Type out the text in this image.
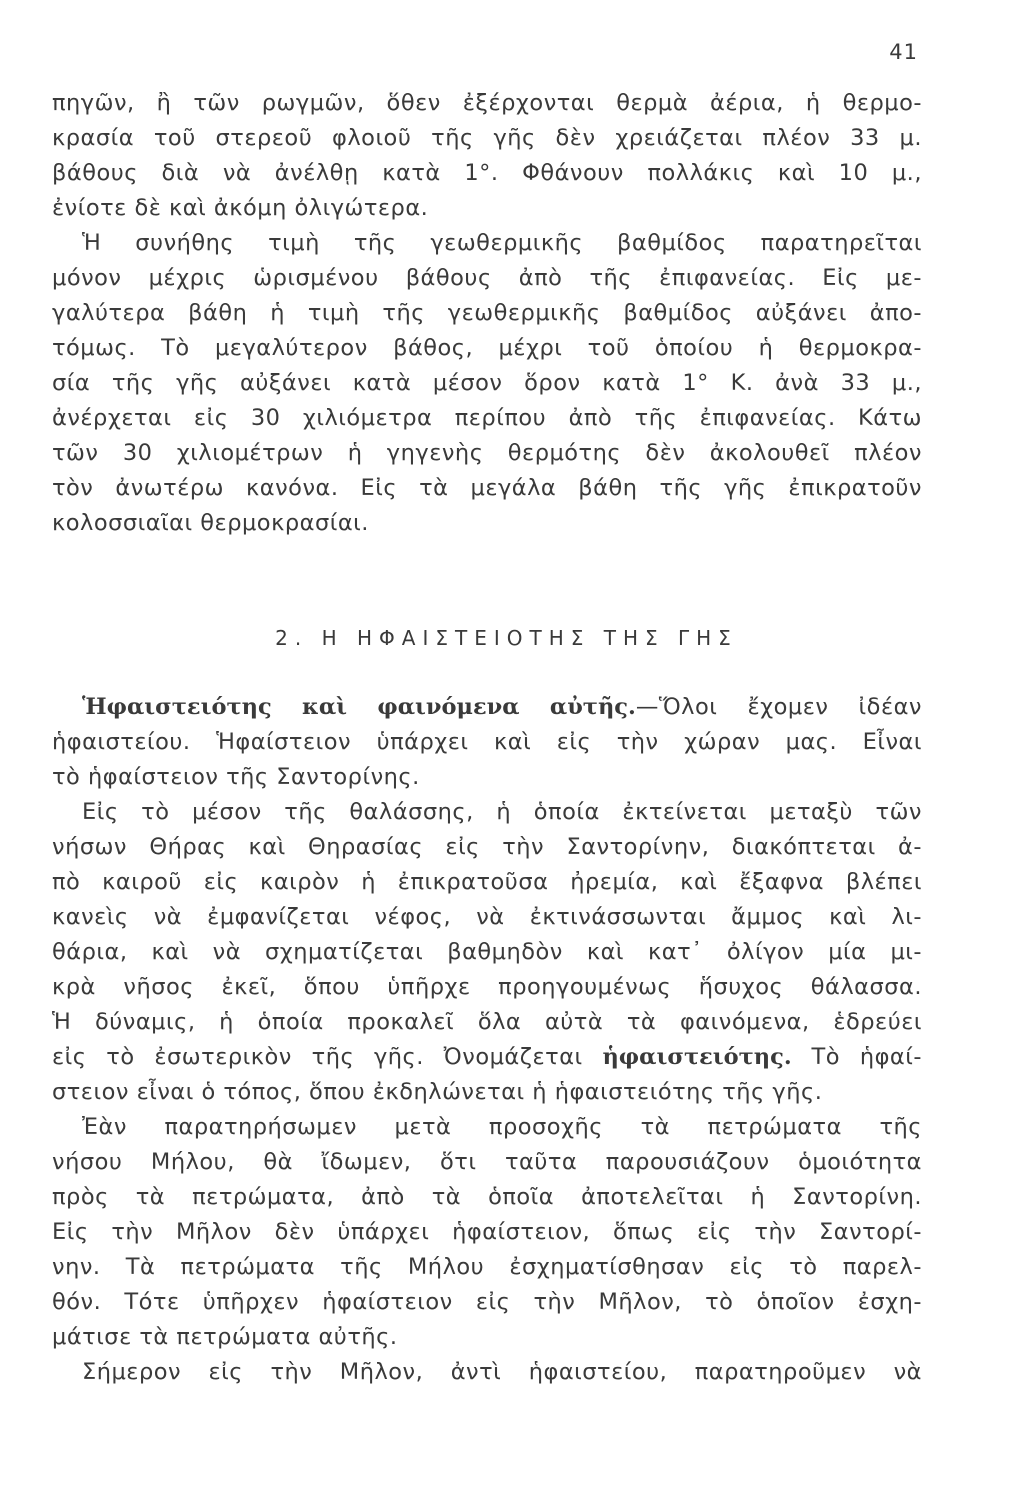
41
πηγῶν, ἢ τῶν ρωγμῶν, ὅθεν ἐξέρχονται θερμὰ ἀέρια, ἡ θερμο-
κρασία τοῦ στερεοῦ φλοιοῦ τῆς γῆς δὲν χρειάζεται πλέον 33 μ.
βάθους διὰ νὰ ἀνέλθῃ κατὰ 1°. Φθάνουν πολλάκις καὶ 10 μ.,
ἐνίοτε δὲ καὶ ἀκόμη ὀλιγώτερα.
Ἡ συνήθης τιμὴ τῆς γεωθερμικῆς βαθμίδος παρατηρεῖται
μόνον μέχρις ὡρισμένου βάθους ἀπὸ τῆς ἐπιφανείας. Εἰς με-
γαλύτερα βάθη ἡ τιμὴ τῆς γεωθερμικῆς βαθμίδος αὐξάνει ἀπο-
τόμως. Τὸ μεγαλύτερον βάθος, μέχρι τοῦ ὁποίου ἡ θερμοκρα-
σία τῆς γῆς αὐξάνει κατὰ μέσον ὅρον κατὰ 1° Κ. ἀνὰ 33 μ.,
ἀνέρχεται εἰς 30 χιλιόμετρα περίπου ἀπὸ τῆς ἐπιφανείας. Κάτω
τῶν 30 χιλιομέτρων ἡ γηγενὴς θερμότης δὲν ἀκολουθεῖ πλέον
τὸν ἀνωτέρω κανόνα. Εἰς τὰ μεγάλα βάθη τῆς γῆς ἐπικρατοῦν
κολοσσιαῖαι θερμοκρασίαι.
2. Η ΗΦΑΙΣΤΕΙΟΤΗΣ ΤΗΣ ΓΗΣ
Ἡφαιστειότης καὶ φαινόμενα αὐτῆς.—Ὅλοι ἔχομεν ἰδέαν
ἡφαιστείου. Ἡφαίστειον ὑπάρχει καὶ εἰς τὴν χώραν μας. Εἶναι
τὸ ἡφαίστειον τῆς Σαντορίνης.
Εἰς τὸ μέσον τῆς θαλάσσης, ἡ ὁποία ἐκτείνεται μεταξὺ τῶν
νήσων Θήρας καὶ Θηρασίας εἰς τὴν Σαντορίνην, διακόπτεται ἀ-
πὸ καιροῦ εἰς καιρὸν ἡ ἐπικρατοῦσα ἠρεμία, καὶ ἔξαφνα βλέπει
κανεὶς νὰ ἐμφανίζεται νέφος, νὰ ἐκτινάσσωνται ἄμμος καὶ λι-
θάρια, καὶ νὰ σχηματίζεται βαθμηδὸν καὶ κατ᾿ ὀλίγον μία μι-
κρὰ νῆσος ἐκεῖ, ὅπου ὑπῆρχε προηγουμένως ἥσυχος θάλασσα.
Ἡ δύναμις, ἡ ὁποία προκαλεῖ ὅλα αὐτὰ τὰ φαινόμενα, ἑδρεύει
εἰς τὸ ἐσωτερικὸν τῆς γῆς. Ὀνομάζεται ἡφαιστειότης. Τὸ ἡφαί-
στειον εἶναι ὁ τόπος, ὅπου ἐκδηλώνεται ἡ ἡφαιστειότης τῆς γῆς.
Ἐὰν παρατηρήσωμεν μετὰ προσοχῆς τὰ πετρώματα τῆς
νήσου Μήλου, θὰ ἴδωμεν, ὅτι ταῦτα παρουσιάζουν ὁμοιότητα
πρὸς τὰ πετρώματα, ἀπὸ τὰ ὁποῖα ἀποτελεῖται ἡ Σαντορίνη.
Εἰς τὴν Μῆλον δὲν ὑπάρχει ἡφαίστειον, ὅπως εἰς τὴν Σαντορί-
νην. Τὰ πετρώματα τῆς Μήλου ἐσχηματίσθησαν εἰς τὸ παρελ-
θόν. Τότε ὑπῆρχεν ἡφαίστειον εἰς τὴν Μῆλον, τὸ ὁποῖον ἐσχη-
μάτισε τὰ πετρώματα αὐτῆς.
Σήμερον εἰς τὴν Μῆλον, ἀντὶ ἡφαιστείου, παρατηροῦμεν νὰ
